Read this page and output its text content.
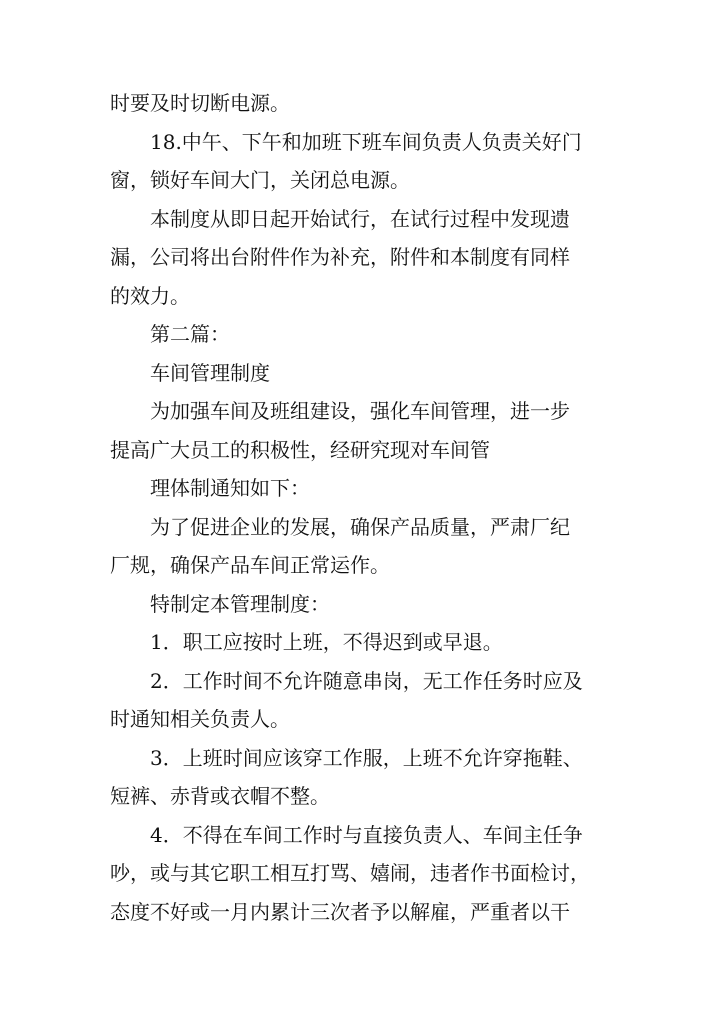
时要及时切断电源。
18.中午、下午和加班下班车间负责人负责关好门
窗，锁好车间大门，关闭总电源。
本制度从即日起开始试行，在试行过程中发现遗
漏，公司将出台附件作为补充，附件和本制度有同样
的效力。
第二篇：
车间管理制度
为加强车间及班组建设，强化车间管理，进一步
提高广大员工的积极性，经研究现对车间管
理体制通知如下：
为了促进企业的发展，确保产品质量，严肃厂纪
厂规，确保产品车间正常运作。
特制定本管理制度：
1．职工应按时上班，不得迟到或早退。
2．工作时间不允许随意串岗，无工作任务时应及
时通知相关负责人。
3．上班时间应该穿工作服，上班不允许穿拖鞋、
短裤、赤背或衣帽不整。
4．不得在车间工作时与直接负责人、车间主任争
吵，或与其它职工相互打骂、嬉闹，违者作书面检讨，
态度不好或一月内累计三次者予以解雇，严重者以干
